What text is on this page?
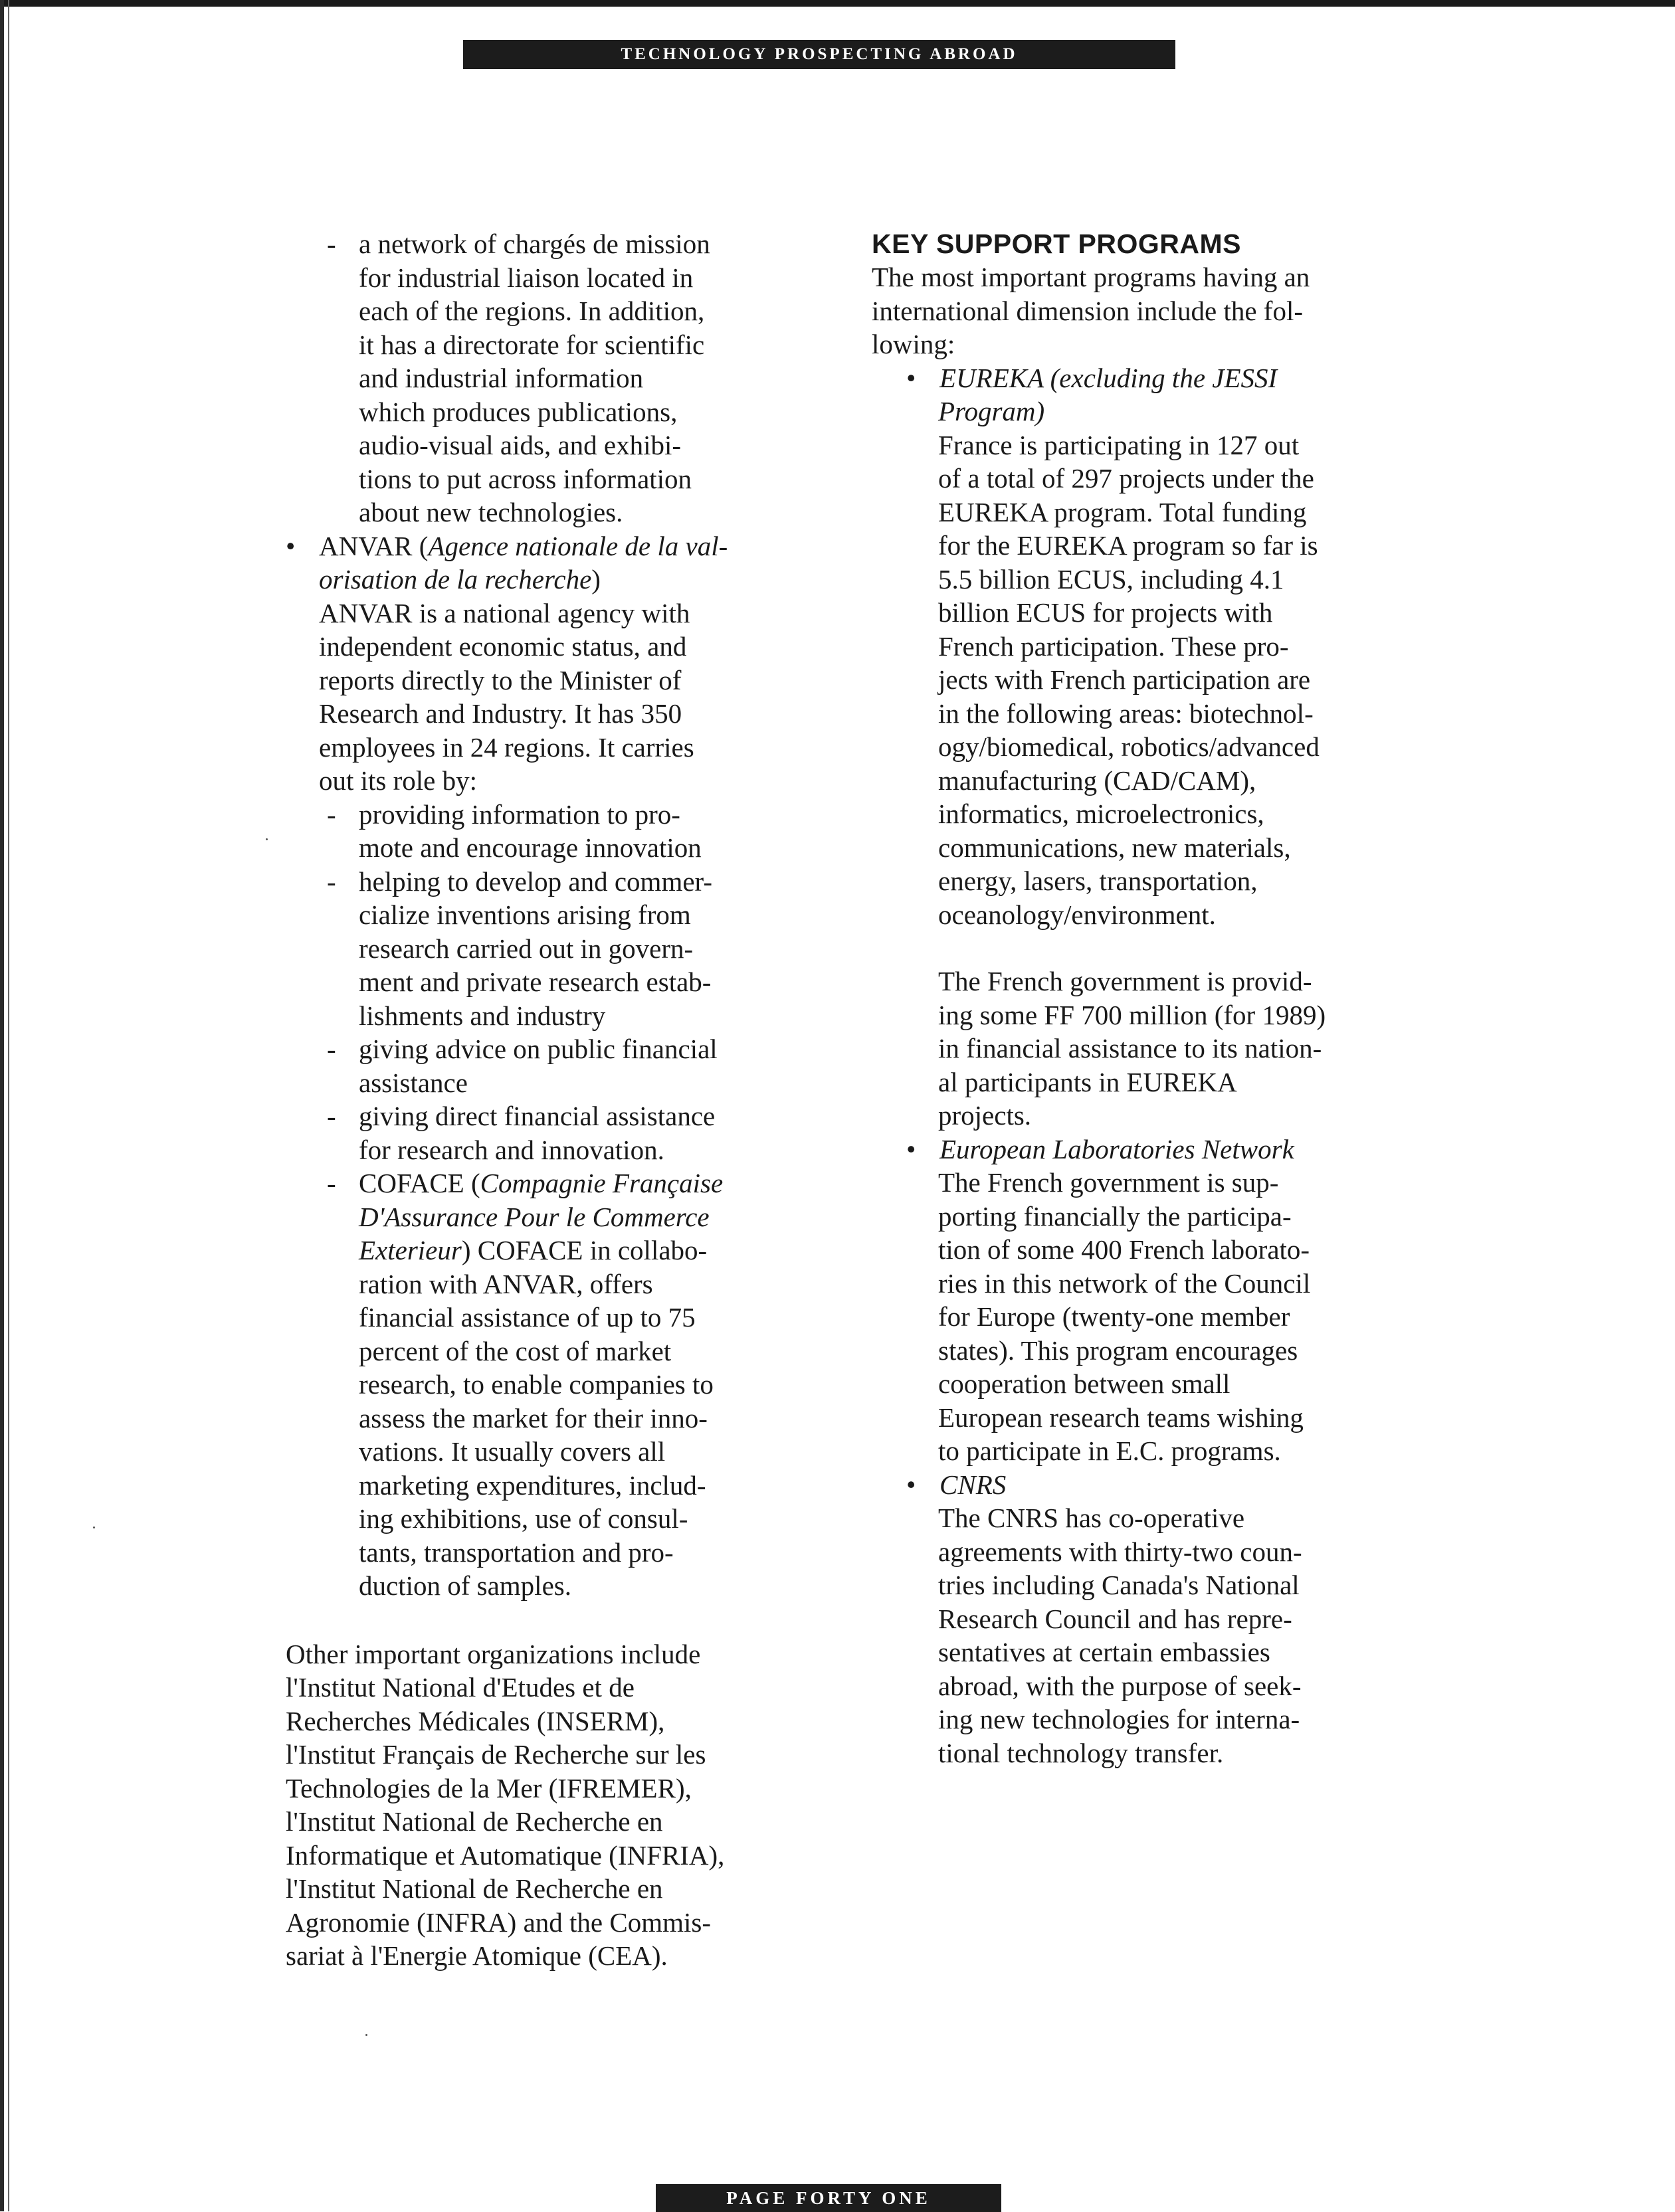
TECHNOLOGY PROSPECTING ABROAD
- a network of chargés de mission
for industrial liaison located in
each of the regions. In addition,
it has a directorate for scientific
and industrial information
which produces publications,
audio-visual aids, and exhibi-
tions to put across information
about new technologies.
• ANVAR (Agence nationale de la val-
orisation de la recherche)
ANVAR is a national agency with
independent economic status, and
reports directly to the Minister of
Research and Industry. It has 350
employees in 24 regions. It carries
out its role by:
- providing information to pro-
mote and encourage innovation
- helping to develop and commer-
cialize inventions arising from
research carried out in govern-
ment and private research estab-
lishments and industry
- giving advice on public financial
assistance
- giving direct financial assistance
for research and innovation.
- COFACE (Compagnie Française
D'Assurance Pour le Commerce
Exterieur) COFACE in collabo-
ration with ANVAR, offers
financial assistance of up to 75
percent of the cost of market
research, to enable companies to
assess the market for their inno-
vations. It usually covers all
marketing expenditures, includ-
ing exhibitions, use of consul-
tants, transportation and pro-
duction of samples.
Other important organizations include
l'Institut National d'Etudes et de
Recherches Médicales (INSERM),
l'Institut Français de Recherche sur les
Technologies de la Mer (IFREMER),
l'Institut National de Recherche en
Informatique et Automatique (INFRIA),
l'Institut National de Recherche en
Agronomie (INFRA) and the Commis-
sariat à l'Energie Atomique (CEA).
KEY SUPPORT PROGRAMS
The most important programs having an
international dimension include the fol-
lowing:
• EUREKA (excluding the JESSI
Program)
France is participating in 127 out
of a total of 297 projects under the
EUREKA program. Total funding
for the EUREKA program so far is
5.5 billion ECUS, including 4.1
billion ECUS for projects with
French participation. These pro-
jects with French participation are
in the following areas: biotechnol-
ogy/biomedical, robotics/advanced
manufacturing (CAD/CAM),
informatics, microelectronics,
communications, new materials,
energy, lasers, transportation,
oceanology/environment.
The French government is provid-
ing some FF 700 million (for 1989)
in financial assistance to its nation-
al participants in EUREKA
projects.
• European Laboratories Network
The French government is sup-
porting financially the participa-
tion of some 400 French laborato-
ries in this network of the Council
for Europe (twenty-one member
states). This program encourages
cooperation between small
European research teams wishing
to participate in E.C. programs.
• CNRS
The CNRS has co-operative
agreements with thirty-two coun-
tries including Canada's National
Research Council and has repre-
sentatives at certain embassies
abroad, with the purpose of seek-
ing new technologies for interna-
tional technology transfer.
PAGE FORTY ONE
